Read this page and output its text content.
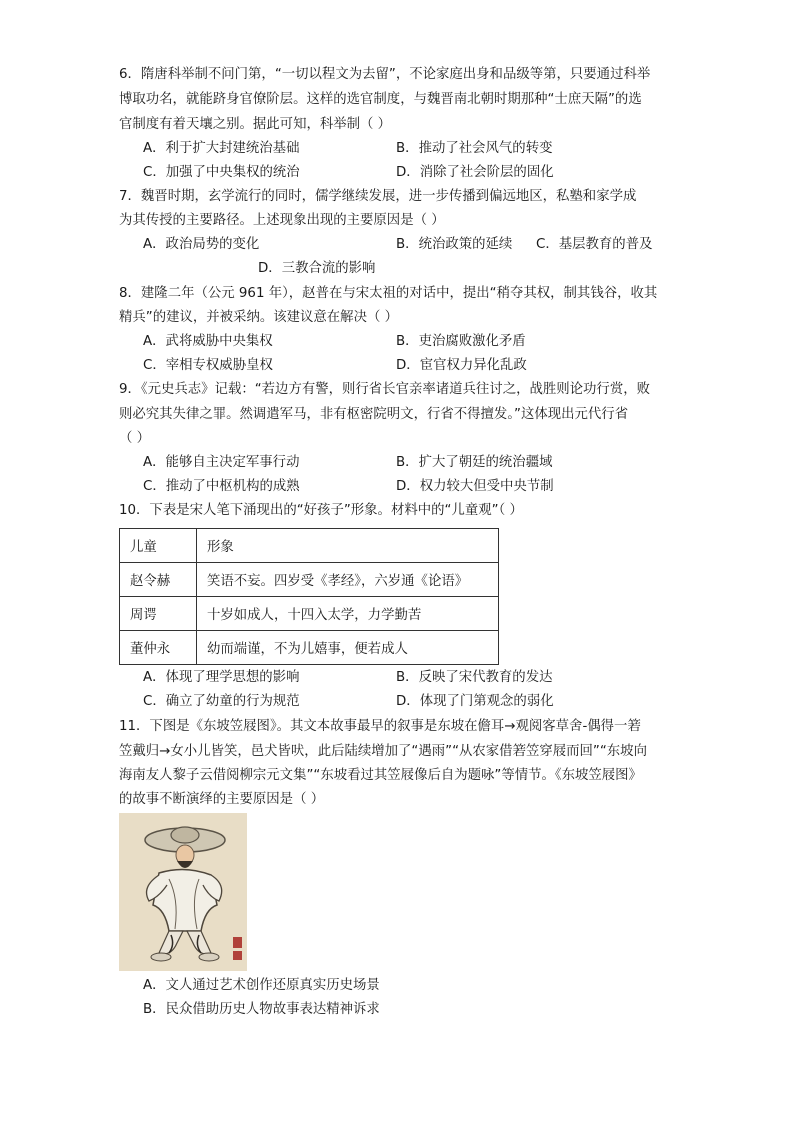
6．隋唐科举制不问门第，“一切以程文为去留”，不论家庭出身和品级等第，只要通过科举
博取功名，就能跻身官僚阶层。这样的选官制度，与魏晋南北朝时期那种“士庶天隔”的选
官制度有着天壤之别。据此可知，科举制（ ）
A．利于扩大封建统治基础	B．推动了社会风气的转变
C．加强了中央集权的统治	D．消除了社会阶层的固化
7．魏晋时期，玄学流行的同时，儒学继续发展，进一步传播到偏远地区，私塾和家学成
为其传授的主要路径。上述现象出现的主要原因是（ ）
A．政治局势的变化	B．统治政策的延续 C．基层教育的普及
D．三教合流的影响
8．建隆二年（公元 961 年），赵普在与宋太祖的对话中，提出“稍夺其权，制其钱谷，收其
精兵”的建议，并被采纳。该建议意在解决（ ）
A．武将威胁中央集权	B．吏治腐败激化矛盾
C．宰相专权威胁皇权	D．宦官权力异化乱政
9．《元史兵志》记载：“若边方有警，则行省长官亲率诸道兵往讨之，战胜则论功行赏，败
则必究其失律之罪。然调遣军马，非有枢密院明文，行省不得擅发。”这体现出元代行省
（ ）
A．能够自主决定军事行动	B．扩大了朝廷的统治疆域
C．推动了中枢机构的成熟	D．权力较大但受中央节制
10．下表是宋人笔下涌现出的“好孩子”形象。材料中的“儿童观”（ ）
儿童	形象
赵令赫	笑语不妄。四岁受《孝经》，六岁通《论语》
周谔	十岁如成人，十四入太学，力学勤苦
董仲永	幼而端谨，不为儿嬉事，便若成人
A．体现了理学思想的影响	B．反映了宋代教育的发达
C．确立了幼童的行为规范	D．体现了门第观念的弱化
11．下图是《东坡笠屐图》。其文本故事最早的叙事是东坡在儋耳→观阅客草舍-偶得一箬
笠戴归→女小儿皆笑，邑犬皆吠，此后陆续增加了“遇雨”“从农家借箬笠穿屐而回”“东坡向
海南友人黎子云借阅柳宗元文集”“东坡看过其笠屐像后自为题咏”等情节。《东坡笠屐图》
的故事不断演绎的主要原因是（ ）
A．文人通过艺术创作还原真实历史场景
B．民众借助历史人物故事表达精神诉求
